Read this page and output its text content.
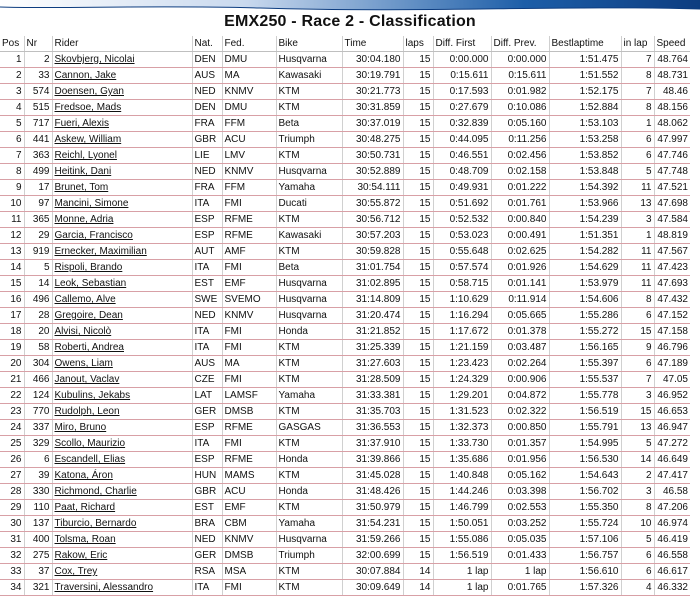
EMX250 - Race 2 - Classification
Pos	Nr	Rider	Nat.	Fed.	Bike	Time	laps	Diff. First	Diff. Prev.	Bestlaptime	in lap	Speed
1	2	Skovbjerg, Nicolai	DEN	DMU	Husqvarna	30:04.180	15	0:00.000	0:00.000	1:51.475	7	48.764
2	33	Cannon, Jake	AUS	MA	Kawasaki	30:19.791	15	0:15.611	0:15.611	1:51.552	8	48.731
3	574	Doensen, Gyan	NED	KNMV	KTM	30:21.773	15	0:17.593	0:01.982	1:52.175	7	48.46
4	515	Fredsoe, Mads	DEN	DMU	KTM	30:31.859	15	0:27.679	0:10.086	1:52.884	8	48.156
5	717	Fueri, Alexis	FRA	FFM	Beta	30:37.019	15	0:32.839	0:05.160	1:53.103	1	48.062
6	441	Askew, William	GBR	ACU	Triumph	30:48.275	15	0:44.095	0:11.256	1:53.258	6	47.997
7	363	Reichl, Lyonel	LIE	LMV	KTM	30:50.731	15	0:46.551	0:02.456	1:53.852	6	47.746
8	499	Heitink, Dani	NED	KNMV	Husqvarna	30:52.889	15	0:48.709	0:02.158	1:53.848	5	47.748
9	17	Brunet, Tom	FRA	FFM	Yamaha	30:54.111	15	0:49.931	0:01.222	1:54.392	11	47.521
10	97	Mancini, Simone	ITA	FMI	Ducati	30:55.872	15	0:51.692	0:01.761	1:53.966	13	47.698
11	365	Monne, Adria	ESP	RFME	KTM	30:56.712	15	0:52.532	0:00.840	1:54.239	3	47.584
12	29	Garcia, Francisco	ESP	RFME	Kawasaki	30:57.203	15	0:53.023	0:00.491	1:51.351	1	48.819
13	919	Ernecker, Maximilian	AUT	AMF	KTM	30:59.828	15	0:55.648	0:02.625	1:54.282	11	47.567
14	5	Rispoli, Brando	ITA	FMI	Beta	31:01.754	15	0:57.574	0:01.926	1:54.629	11	47.423
15	14	Leok, Sebastian	EST	EMF	Husqvarna	31:02.895	15	0:58.715	0:01.141	1:53.979	11	47.693
16	496	Callemo, Alve	SWE	SVEMO	Husqvarna	31:14.809	15	1:10.629	0:11.914	1:54.606	8	47.432
17	28	Gregoire, Dean	NED	KNMV	Husqvarna	31:20.474	15	1:16.294	0:05.665	1:55.286	6	47.152
18	20	Alvisi, Nicolò	ITA	FMI	Honda	31:21.852	15	1:17.672	0:01.378	1:55.272	15	47.158
19	58	Roberti, Andrea	ITA	FMI	KTM	31:25.339	15	1:21.159	0:03.487	1:56.165	9	46.796
20	304	Owens, Liam	AUS	MA	KTM	31:27.603	15	1:23.423	0:02.264	1:55.397	6	47.189
21	466	Janout, Vaclav	CZE	FMI	KTM	31:28.509	15	1:24.329	0:00.906	1:55.537	7	47.05
22	124	Kubulins, Jekabs	LAT	LAMSF	Yamaha	31:33.381	15	1:29.201	0:04.872	1:55.778	3	46.952
23	770	Rudolph, Leon	GER	DMSB	KTM	31:35.703	15	1:31.523	0:02.322	1:56.519	15	46.653
24	337	Miro, Bruno	ESP	RFME	GASGAS	31:36.553	15	1:32.373	0:00.850	1:55.791	13	46.947
25	329	Scollo, Maurizio	ITA	FMI	KTM	31:37.910	15	1:33.730	0:01.357	1:54.995	5	47.272
26	6	Escandell, Elias	ESP	RFME	Honda	31:39.866	15	1:35.686	0:01.956	1:56.530	14	46.649
27	39	Katona, Áron	HUN	MAMS	KTM	31:45.028	15	1:40.848	0:05.162	1:54.643	2	47.417
28	330	Richmond, Charlie	GBR	ACU	Honda	31:48.426	15	1:44.246	0:03.398	1:56.702	3	46.58
29	110	Paat, Richard	EST	EMF	KTM	31:50.979	15	1:46.799	0:02.553	1:55.350	8	47.206
30	137	Tiburcio, Bernardo	BRA	CBM	Yamaha	31:54.231	15	1:50.051	0:03.252	1:55.724	10	46.974
31	400	Tolsma, Roan	NED	KNMV	Husqvarna	31:59.266	15	1:55.086	0:05.035	1:57.106	5	46.419
32	275	Rakow, Eric	GER	DMSB	Triumph	32:00.699	15	1:56.519	0:01.433	1:56.757	6	46.558
33	37	Cox, Trey	RSA	MSA	KTM	30:07.884	14	1 lap	1 lap	1:56.610	6	46.617
34	321	Traversini, Alessandro	ITA	FMI	KTM	30:09.649	14	1 lap	0:01.765	1:57.326	4	46.332
